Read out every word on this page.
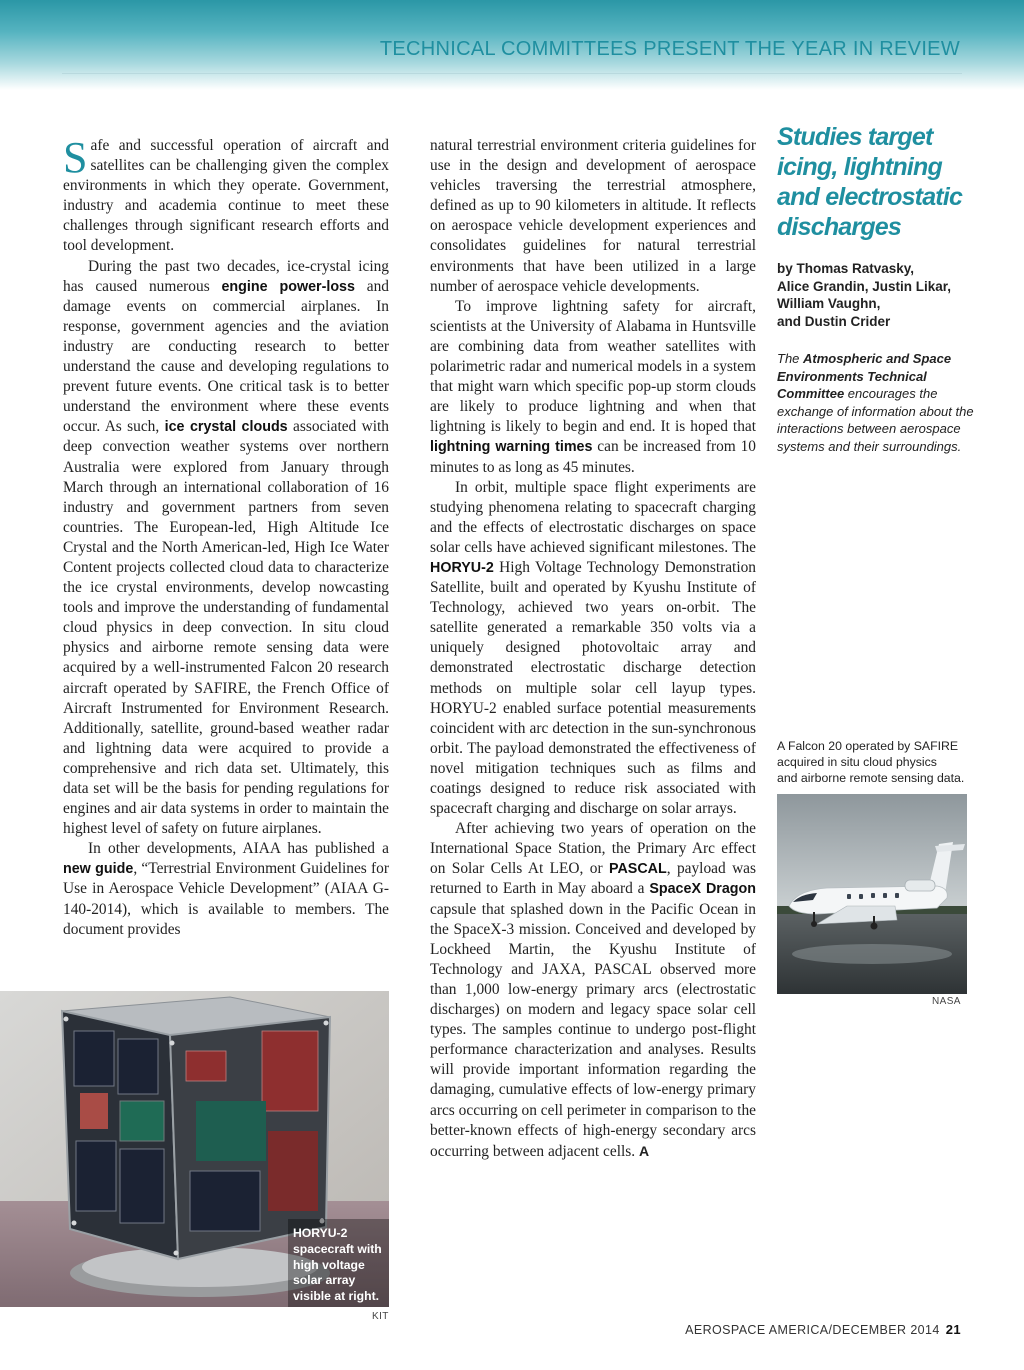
TECHNICAL COMMITTEES PRESENT THE YEAR IN REVIEW

Safe and successful operation of aircraft and satellites can be challenging given the complex environments in which they operate. Government, industry and academia continue to meet these challenges through significant research efforts and tool development.

During the past two decades, ice-crystal icing has caused numerous engine power-loss and damage events on commercial airplanes. In response, government agencies and the aviation industry are conducting research to better understand the cause and developing regulations to prevent future events. One critical task is to better understand the environment where these events occur. As such, ice crystal clouds associated with deep convection weather systems over northern Australia were explored from January through March through an international collaboration of 16 industry and government partners from seven countries. The European-led, High Altitude Ice Crystal and the North American-led, High Ice Water Content projects collected cloud data to characterize the ice crystal environments, develop nowcasting tools and improve the understanding of fundamental cloud physics in deep convection. In situ cloud physics and airborne remote sensing data were acquired by a well-instrumented Falcon 20 research aircraft operated by SAFIRE, the French Office of Aircraft Instrumented for Environment Research. Additionally, satellite, ground-based weather radar and lightning data were acquired to provide a comprehensive and rich data set. Ultimately, this data set will be the basis for pending regulations for engines and air data systems in order to maintain the highest level of safety on future airplanes.

In other developments, AIAA has published a new guide, “Terrestrial Environment Guidelines for Use in Aerospace Vehicle Development” (AIAA G-140-2014), which is available to members. The document provides

natural terrestrial environment criteria guidelines for use in the design and development of aerospace vehicles traversing the terrestrial atmosphere, defined as up to 90 kilometers in altitude. It reflects on aerospace vehicle development experiences and consolidates guidelines for natural terrestrial environments that have been utilized in a large number of aerospace vehicle developments.

To improve lightning safety for aircraft, scientists at the University of Alabama in Huntsville are combining data from weather satellites with polarimetric radar and numerical models in a system that might warn which specific pop-up storm clouds are likely to produce lightning and when that lightning is likely to begin and end. It is hoped that lightning warning times can be increased from 10 minutes to as long as 45 minutes.

In orbit, multiple space flight experiments are studying phenomena relating to spacecraft charging and the effects of electrostatic discharges on space solar cells have achieved significant milestones. The HORYU-2 High Voltage Technology Demonstration Satellite, built and operated by Kyushu Institute of Technology, achieved two years on-orbit. The satellite generated a remarkable 350 volts via a uniquely designed photovoltaic array and demonstrated electrostatic discharge detection methods on multiple solar cell layup types. HORYU-2 enabled surface potential measurements coincident with arc detection in the sun-synchronous orbit. The payload demonstrated the effectiveness of novel mitigation techniques such as films and coatings designed to reduce risk associated with spacecraft charging and discharge on solar arrays.

After achieving two years of operation on the International Space Station, the Primary Arc effect on Solar Cells At LEO, or PASCAL, payload was returned to Earth in May aboard a SpaceX Dragon capsule that splashed down in the Pacific Ocean in the SpaceX-3 mission. Conceived and developed by Lockheed Martin, the Kyushu Institute of Technology and JAXA, PASCAL observed more than 1,000 low-energy primary arcs (electrostatic discharges) on modern and legacy space solar cell types. The samples continue to undergo post-flight performance characterization and analyses. Results will provide important information regarding the damaging, cumulative effects of low-energy primary arcs occurring on cell perimeter in comparison to the better-known effects of high-energy secondary arcs occurring between adjacent cells. A

Studies target icing, lightning and electrostatic discharges
by Thomas Ratvasky,
Alice Grandin, Justin Likar,
William Vaughn,
and Dustin Crider
The Atmospheric and Space Environments Technical Committee encourages the exchange of information about the interactions between aerospace systems and their surroundings.
A Falcon 20 operated by SAFIRE
acquired in situ cloud physics
and airborne remote sensing data.
NASA
HORYU-2
spacecraft with
high voltage
solar array
visible at right.
KIT
AEROSPACE AMERICA/DECEMBER 2014 21
